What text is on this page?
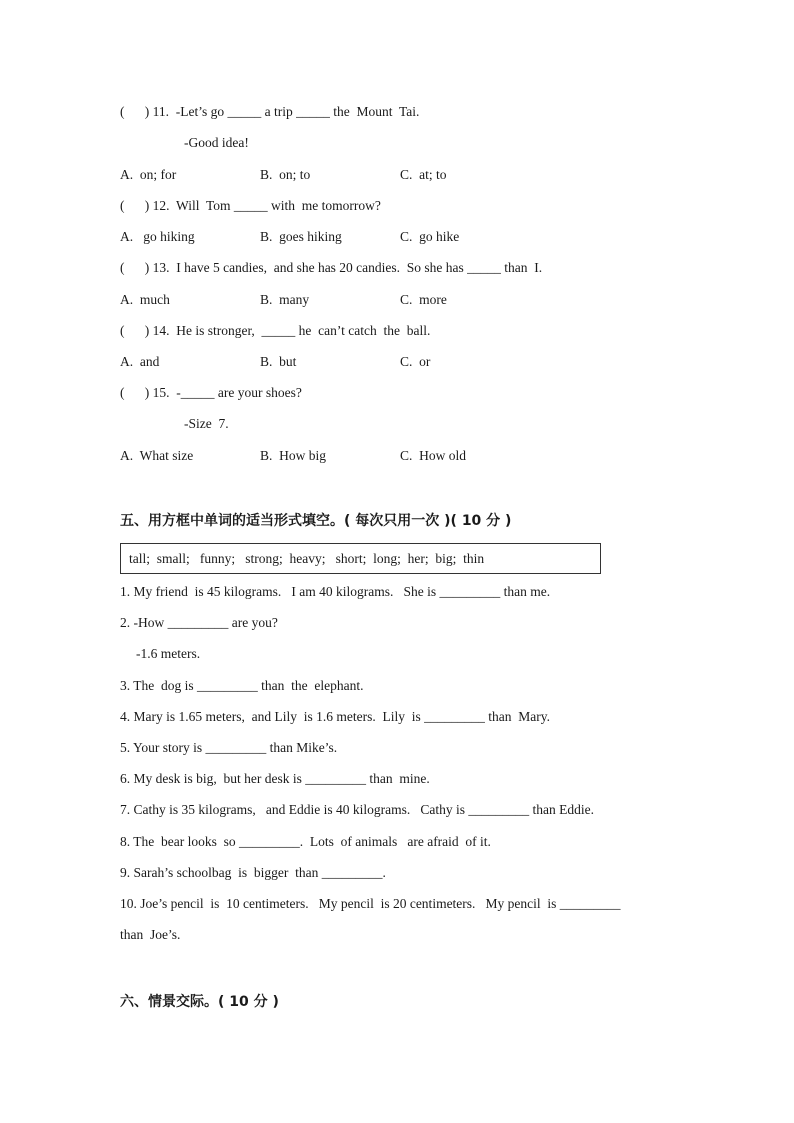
(      ) 11.  -Let’s go _____ a trip _____ the  Mount  Tai.
-Good idea!
A.  on; for	B.  on; to	C.  at; to
(      ) 12.  Will  Tom _____ with  me tomorrow?
A.   go hiking	B.  goes hiking	C.  go hike
(      ) 13.  I have 5 candies,  and she has 20 candies.  So she has _____ than  I.
A.  much	B.  many	C.  more
(      ) 14.  He is stronger,  _____ he  can’t catch  the  ball.
A.  and	B.  but	C.  or
(      ) 15.  -_____ are your shoes?
-Size  7.
A.  What size	B.  How big	C.  How old
五、用方框中单词的适当形式填空。( 每次只用一次 )( 10 分 )
tall;  small;   funny;   strong;  heavy;   short;  long;  her;  big;  thin
1. My friend  is 45 kilograms.   I am 40 kilograms.   She is _________ than me.
2. -How _________ are you?
-1.6 meters.
3. The  dog is _________ than  the  elephant.
4. Mary is 1.65 meters,  and Lily  is 1.6 meters.  Lily  is _________ than  Mary.
5. Your story is _________ than Mike’s.
6. My desk is big,  but her desk is _________ than  mine.
7. Cathy is 35 kilograms,   and Eddie is 40 kilograms.   Cathy is _________ than Eddie.
8. The  bear looks  so _________.  Lots  of animals   are afraid  of it.
9. Sarah’s schoolbag  is  bigger  than _________.
10. Joe’s pencil  is  10 centimeters.   My pencil  is 20 centimeters.   My pencil  is _________
than  Joe’s.
六、情景交际。( 10 分 )
